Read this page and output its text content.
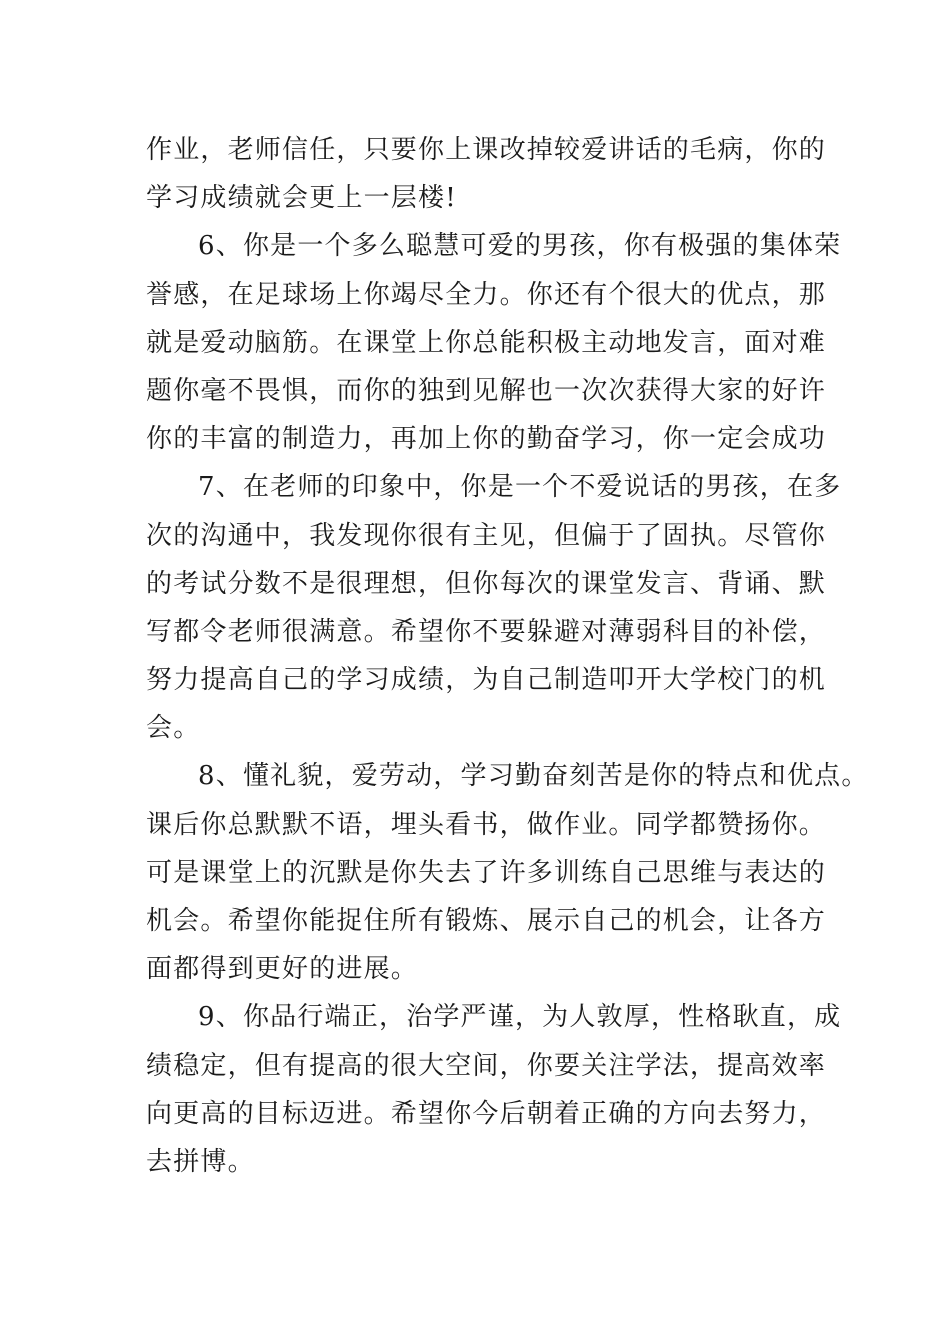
作业，老师信任，只要你上课改掉较爱讲话的毛病，你的
学习成绩就会更上一层楼!
6、你是一个多么聪慧可爱的男孩，你有极强的集体荣
誉感，在足球场上你竭尽全力。你还有个很大的优点，那
就是爱动脑筋。在课堂上你总能积极主动地发言，面对难
题你毫不畏惧，而你的独到见解也一次次获得大家的好许
你的丰富的制造力，再加上你的勤奋学习，你一定会成功
7、在老师的印象中，你是一个不爱说话的男孩，在多
次的沟通中，我发现你很有主见，但偏于了固执。尽管你
的考试分数不是很理想，但你每次的课堂发言、背诵、默
写都令老师很满意。希望你不要躲避对薄弱科目的补偿，
努力提高自己的学习成绩，为自己制造叩开大学校门的机
会。
8、懂礼貌，爱劳动，学习勤奋刻苦是你的特点和优点。
课后你总默默不语，埋头看书，做作业。同学都赞扬你。
可是课堂上的沉默是你失去了许多训练自己思维与表达的
机会。希望你能捉住所有锻炼、展示自己的机会，让各方
面都得到更好的进展。
9、你品行端正，治学严谨，为人敦厚，性格耿直，成
绩稳定，但有提高的很大空间，你要关注学法，提高效率
向更高的目标迈进。希望你今后朝着正确的方向去努力，
去拼博。
